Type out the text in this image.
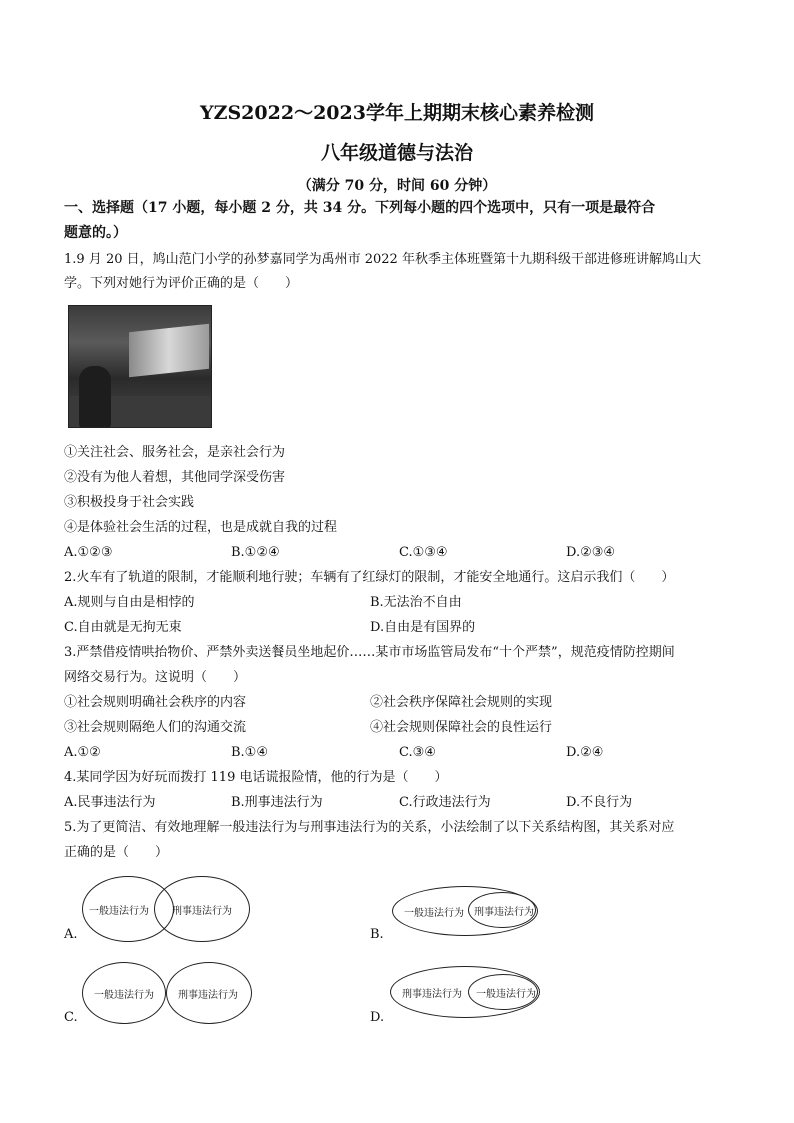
YZS2022～2023学年上期期末核心素养检测
八年级道德与法治
（满分 70 分，时间 60 分钟）
一、选择题（17 小题，每小题 2 分，共 34 分。下列每小题的四个选项中，只有一项是最符合
题意的。）
1.9 月 20 日，鸠山范门小学的孙梦嘉同学为禹州市 2022 年秋季主体班暨第十九期科级干部进修班讲解鸠山大
学。下列对她行为评价正确的是（　　）
①关注社会、服务社会，是亲社会行为
②没有为他人着想，其他同学深受伤害
③积极投身于社会实践
④是体验社会生活的过程，也是成就自我的过程
A.①②③	B.①②④	C.①③④	D.②③④
2.火车有了轨道的限制，才能顺利地行驶；车辆有了红绿灯的限制，才能安全地通行。这启示我们（　　）
A.规则与自由是相悖的	B.无法治不自由
C.自由就是无拘无束	D.自由是有国界的
3.严禁借疫情哄抬物价、严禁外卖送餐员坐地起价……某市市场监管局发布“十个严禁”，规范疫情防控期间
网络交易行为。这说明（　　）
①社会规则明确社会秩序的内容	②社会秩序保障社会规则的实现
③社会规则隔绝人们的沟通交流	④社会规则保障社会的良性运行
A.①②	B.①④	C.③④	D.②④
4.某同学因为好玩而拨打 119 电话谎报险情，他的行为是（　　）
A.民事违法行为	B.刑事违法行为	C.行政违法行为	D.不良行为
5.为了更简洁、有效地理解一般违法行为与刑事违法行为的关系，小法绘制了以下关系结构图，其关系对应
正确的是（　　）
A.
一般违法行为 刑事违法行为
B.
一般违法行为 刑事违法行为
C.
一般违法行为 刑事违法行为
D.
刑事违法行为 一般违法行为
